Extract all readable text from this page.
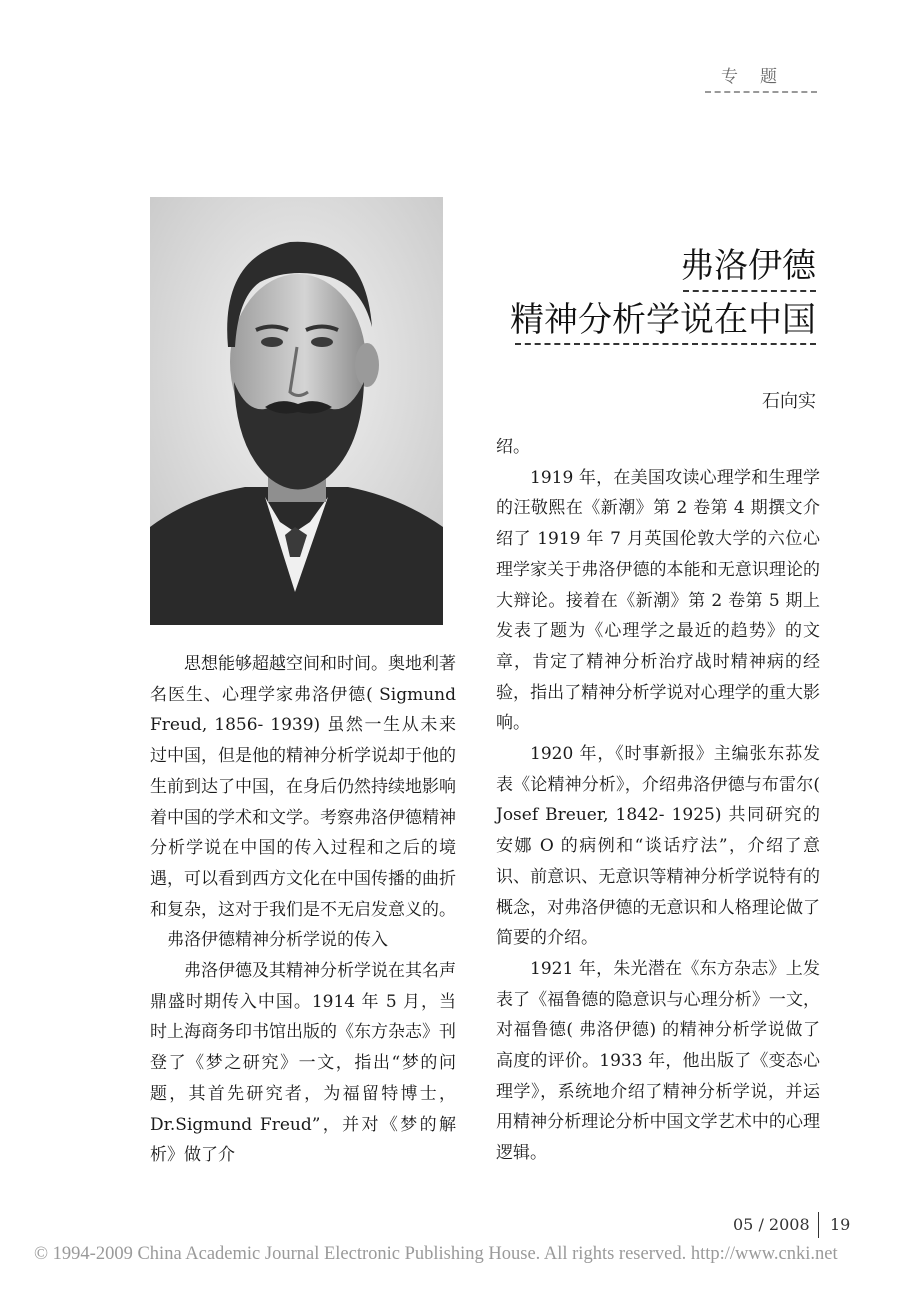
专题
弗洛伊德
精神分析学说在中国
石向实

思想能够超越空间和时间。奥地利著名医生、心理学家弗洛伊德( Sigmund Freud, 1856- 1939) 虽然一生从未来过中国，但是他的精神分析学说却于他的生前到达了中国，在身后仍然持续地影响着中国的学术和文学。考察弗洛伊德精神分析学说在中国的传入过程和之后的境遇，可以看到西方文化在中国传播的曲折和复杂，这对于我们是不无启发意义的。

弗洛伊德精神分析学说的传入

弗洛伊德及其精神分析学说在其名声鼎盛时期传入中国。1914 年 5 月，当时上海商务印书馆出版的《东方杂志》刊登了《梦之研究》一文，指出“梦的问题，其首先研究者，为福留特博士，Dr.Sigmund Freud”，并对《梦的解析》做了介

绍。

1919 年，在美国攻读心理学和生理学的汪敬熙在《新潮》第 2 卷第 4 期撰文介绍了 1919 年 7 月英国伦敦大学的六位心理学家关于弗洛伊德的本能和无意识理论的大辩论。接着在《新潮》第 2 卷第 5 期上发表了题为《心理学之最近的趋势》的文章，肯定了精神分析治疗战时精神病的经验，指出了精神分析学说对心理学的重大影响。

1920 年，《时事新报》主编张东荪发表《论精神分析》，介绍弗洛伊德与布雷尔( Josef Breuer, 1842- 1925) 共同研究的安娜 O 的病例和“谈话疗法”，介绍了意识、前意识、无意识等精神分析学说特有的概念，对弗洛伊德的无意识和人格理论做了简要的介绍。

1921 年，朱光潜在《东方杂志》上发表了《福鲁德的隐意识与心理分析》一文，对福鲁德( 弗洛伊德) 的精神分析学说做了高度的评价。1933 年，他出版了《变态心理学》，系统地介绍了精神分析学说，并运用精神分析理论分析中国文学艺术中的心理逻辑。

05 / 2008 19
© 1994-2009 China Academic Journal Electronic Publishing House. All rights reserved. http://www.cnki.net
